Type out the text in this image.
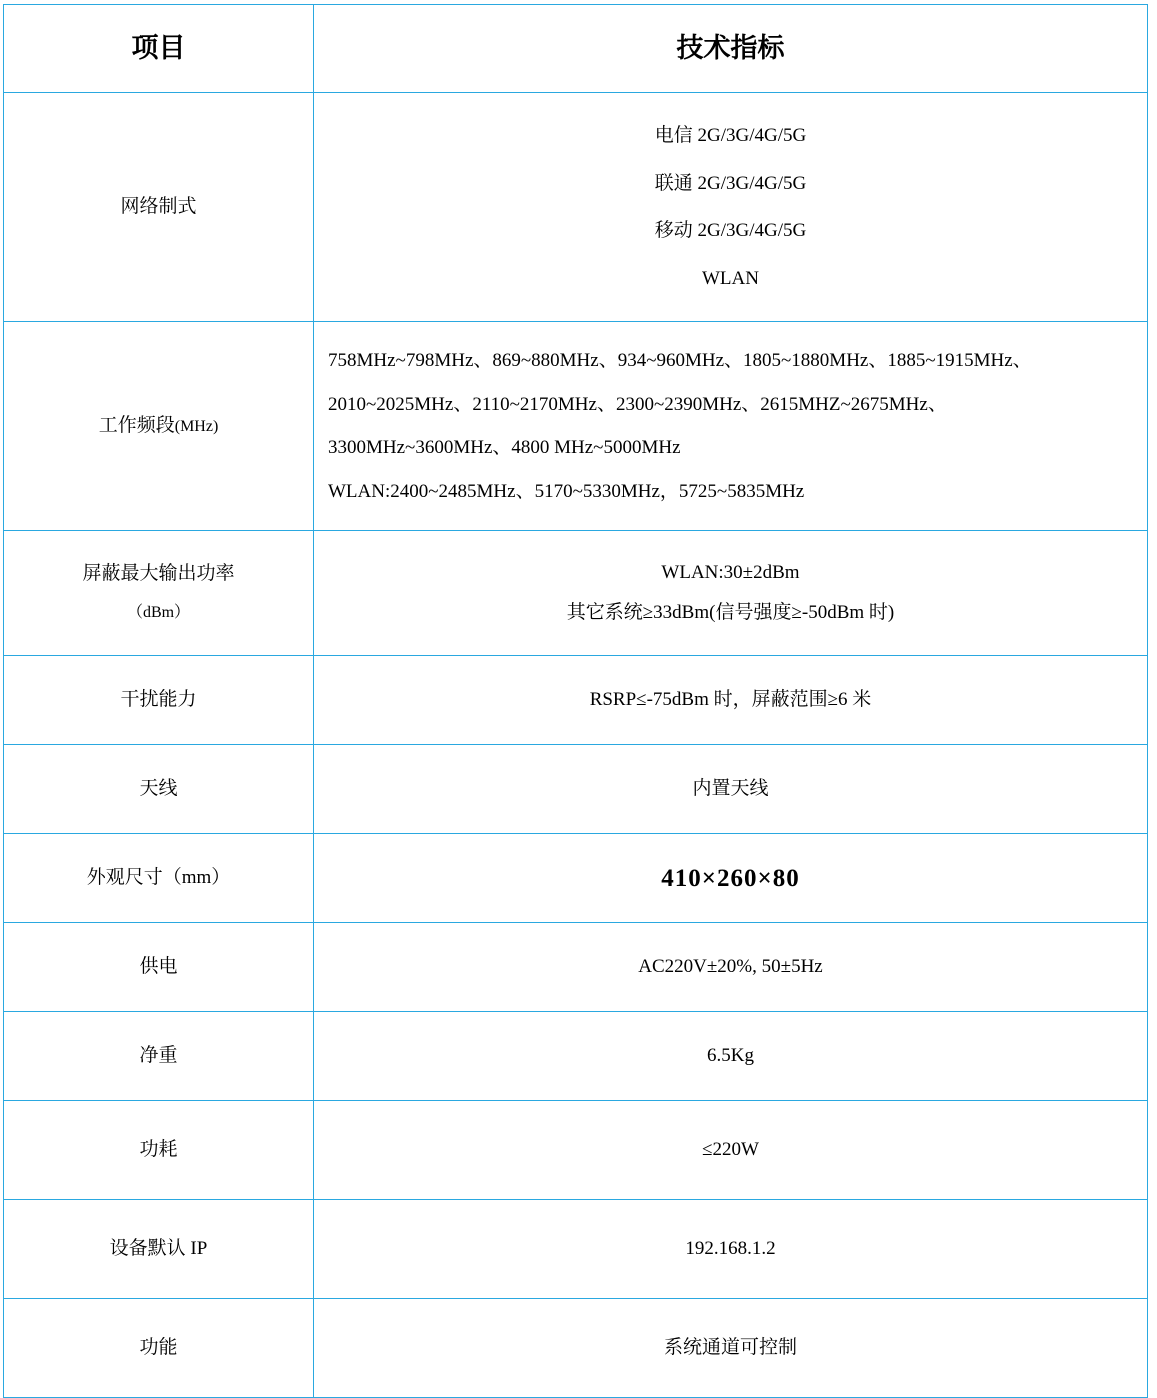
项目	技术指标
网络制式	电信 2G/3G/4G/5G
联通 2G/3G/4G/5G
移动 2G/3G/4G/5G
WLAN

工作频段(MHz)	758MHz~798MHz、869~880MHz、934~960MHz、1805~1880MHz、1885~1915MHz、
2010~2025MHz、2110~2170MHz、2300~2390MHz、2615MHZ~2675MHz、
3300MHz~3600MHz、4800 MHz~5000MHz
WLAN:2400~2485MHz、5170~5330MHz，5725~5835MHz

屏蔽最大输出功率
（dBm）	WLAN:30±2dBm
其它系统≥33dBm(信号强度≥-50dBm 时)

干扰能力	RSRP≤-75dBm 时，屏蔽范围≥6 米

天线	内置天线

外观尺寸（mm）	410×260×80

供电	AC220V±20%, 50±5Hz

净重	6.5Kg

功耗	≤220W

设备默认 IP	192.168.1.2

功能	系统通道可控制
